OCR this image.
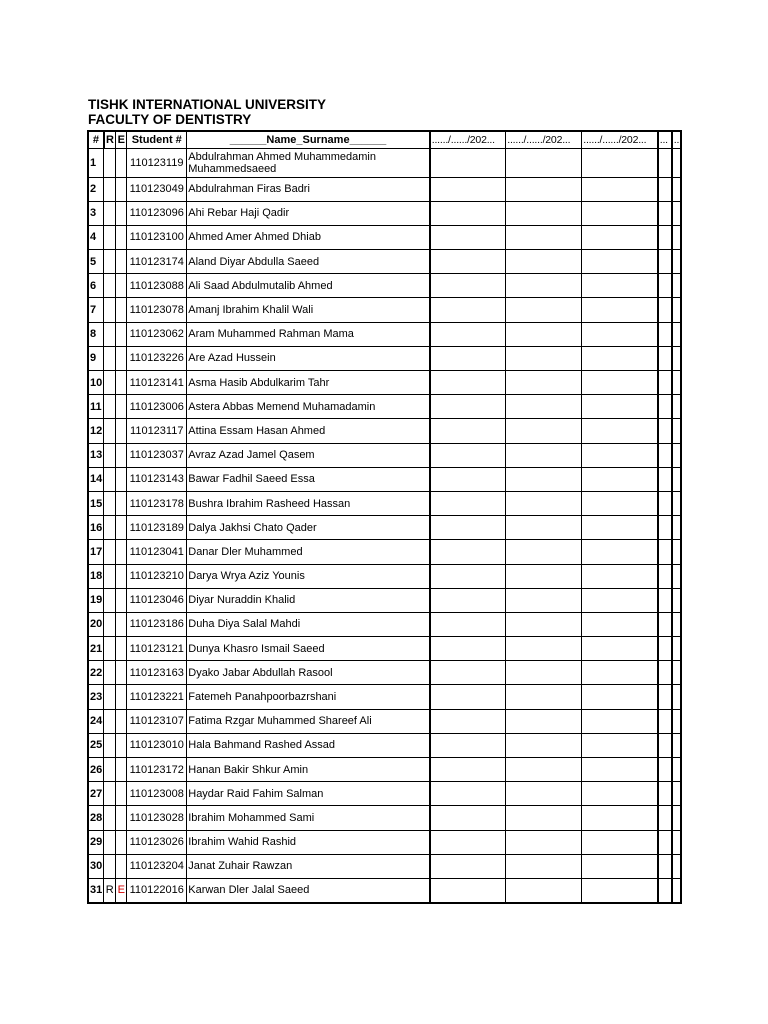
TISHK INTERNATIONAL UNIVERSITY
FACULTY OF DENTISTRY
#	R	E	Student #	______Name_Surname______	....../....../202...	....../....../202...	....../....../202...	...	..
1			110123119	Abdulrahman Ahmed Muhammedamin Muhammedsaeed					
2			110123049	Abdulrahman Firas Badri					
3			110123096	Ahi Rebar Haji Qadir					
4			110123100	Ahmed Amer Ahmed Dhiab					
5			110123174	Aland Diyar Abdulla Saeed					
6			110123088	Ali Saad Abdulmutalib Ahmed					
7			110123078	Amanj Ibrahim Khalil Wali					
8			110123062	Aram Muhammed Rahman Mama					
9			110123226	Are Azad Hussein					
10			110123141	Asma Hasib Abdulkarim Tahr					
11			110123006	Astera Abbas Memend Muhamadamin					
12			110123117	Attina Essam Hasan Ahmed					
13			110123037	Avraz Azad Jamel Qasem					
14			110123143	Bawar Fadhil Saeed Essa					
15			110123178	Bushra Ibrahim Rasheed Hassan					
16			110123189	Dalya Jakhsi Chato Qader					
17			110123041	Danar Dler Muhammed					
18			110123210	Darya Wrya Aziz Younis					
19			110123046	Diyar Nuraddin Khalid					
20			110123186	Duha Diya Salal Mahdi					
21			110123121	Dunya Khasro Ismail Saeed					
22			110123163	Dyako Jabar Abdullah Rasool					
23			110123221	Fatemeh Panahpoorbazrshani					
24			110123107	Fatima Rzgar Muhammed Shareef Ali					
25			110123010	Hala Bahmand Rashed Assad					
26			110123172	Hanan Bakir Shkur Amin					
27			110123008	Haydar Raid Fahim Salman					
28			110123028	Ibrahim Mohammed Sami					
29			110123026	Ibrahim Wahid Rashid					
30			110123204	Janat Zuhair Rawzan					
31	R	E	110122016	Karwan Dler Jalal Saeed					
